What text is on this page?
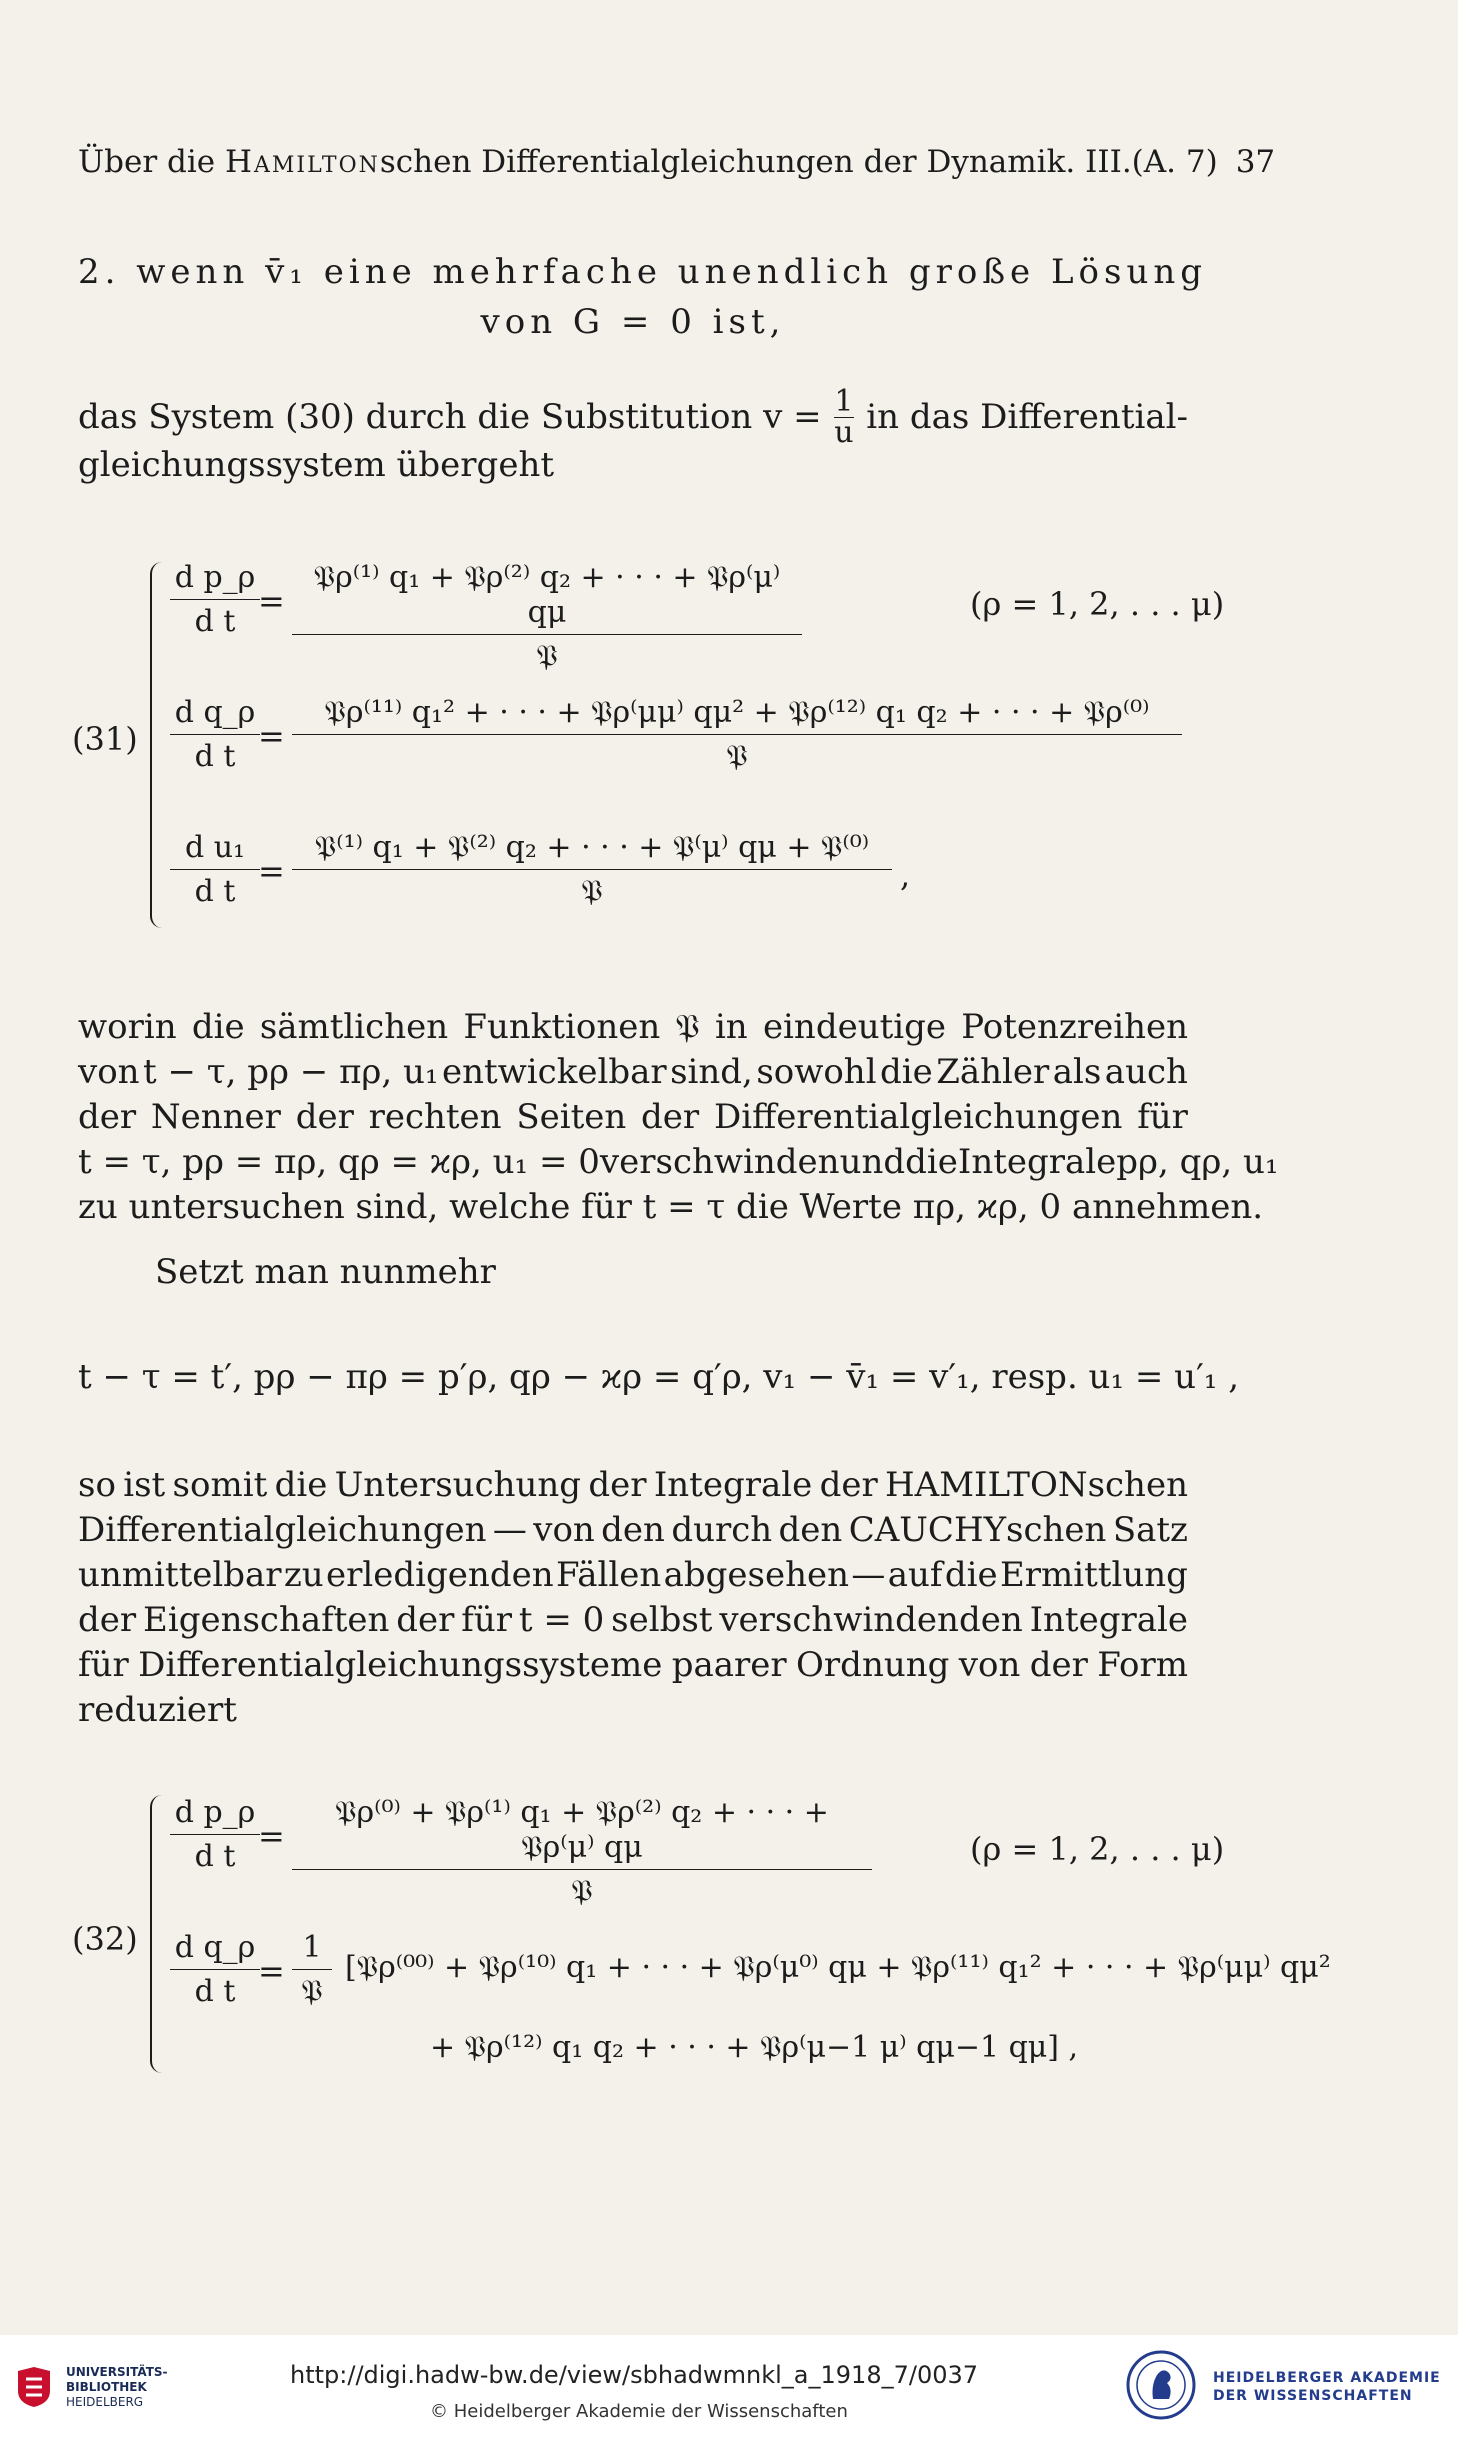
Über die Hamiltonschen Differentialgleichungen der Dynamik. III. (A. 7) 37
2. wenn v̄₁ eine mehrfache unendlich große Lösung
von G = 0 ist,
das System (30) durch die Substitution $v = \frac{1}{u}$ in das Differential-
gleichungssystem übergeht
(31)
$\frac{\text{d p\_ρ}}{\text{d t}}$
=
𝔓ρ⁽¹⁾ q₁ + 𝔓ρ⁽²⁾ q₂ + · · · + 𝔓ρ⁽μ⁾ qμ
𝔓
(ρ = 1, 2, . . . μ)
$\frac{\text{d q\_ρ}}{\text{d t}}$
=
𝔓ρ⁽¹¹⁾ q₁² + · · · + 𝔓ρ⁽μμ⁾ qμ² + 𝔓ρ⁽¹²⁾ q₁ q₂ + · · · + 𝔓ρ⁽⁰⁾
𝔓
$\frac{\text{d u₁}}{\text{d t}}$
=
𝔓⁽¹⁾ q₁ + 𝔓⁽²⁾ q₂ + · · · + 𝔓⁽μ⁾ qμ + 𝔓⁽⁰⁾
𝔓	,
worin die sämtlichen Funktionen 𝔓 in eindeutige Potenzreihen
von t − τ, pρ − πρ, u₁ entwickelbar sind, sowohl die Zähler als auch
der Nenner der rechten Seiten der Differentialgleichungen für
t = τ, pρ = πρ, qρ = ϰρ, u₁ = 0 verschwinden und die Integrale pρ, qρ, u₁
zu untersuchen sind, welche für t = τ die Werte πρ, ϰρ, 0 annehmen.
Setzt man nunmehr
t − τ = t′, pρ − πρ = p′ρ, qρ − ϰρ = q′ρ, v₁ − v̄₁ = v′₁, resp. u₁ = u′₁ ,
so ist somit die Untersuchung der Integrale der HAMILTONschen
Differentialgleichungen — von den durch den CAUCHYschen Satz
unmittelbar zu erledigenden Fällen abgesehen — auf die Ermittlung
der Eigenschaften der für t = 0 selbst verschwindenden Integrale
für Differentialgleichungssysteme paarer Ordnung von der Form
reduziert
(32)
$\frac{\text{d p\_ρ}}{\text{d t}}$
=
𝔓ρ⁽⁰⁾ + 𝔓ρ⁽¹⁾ q₁ + 𝔓ρ⁽²⁾ q₂ + · · · + 𝔓ρ⁽μ⁾ qμ
𝔓
(ρ = 1, 2, . . . μ)
$\frac{\text{d q\_ρ}}{\text{d t}}$
=
1
𝔓
[𝔓ρ⁽⁰⁰⁾ + 𝔓ρ⁽¹⁰⁾ q₁ + · · · + 𝔓ρ⁽μ⁰⁾ qμ + 𝔓ρ⁽¹¹⁾ q₁² + · · · + 𝔓ρ⁽μμ⁾ qμ²
+ 𝔓ρ⁽¹²⁾ q₁ q₂ + · · · + 𝔓ρ⁽μ−1 μ⁾ qμ−1 qμ] ,
UNIVERSITÄTS-
BIBLIOTHEK
HEIDELBERG
http://digi.hadw-bw.de/view/sbhadwmnkl_a_1918_7/0037
© Heidelberger Akademie der Wissenschaften
HEIDELBERGER AKADEMIE
DER WISSENSCHAFTEN
